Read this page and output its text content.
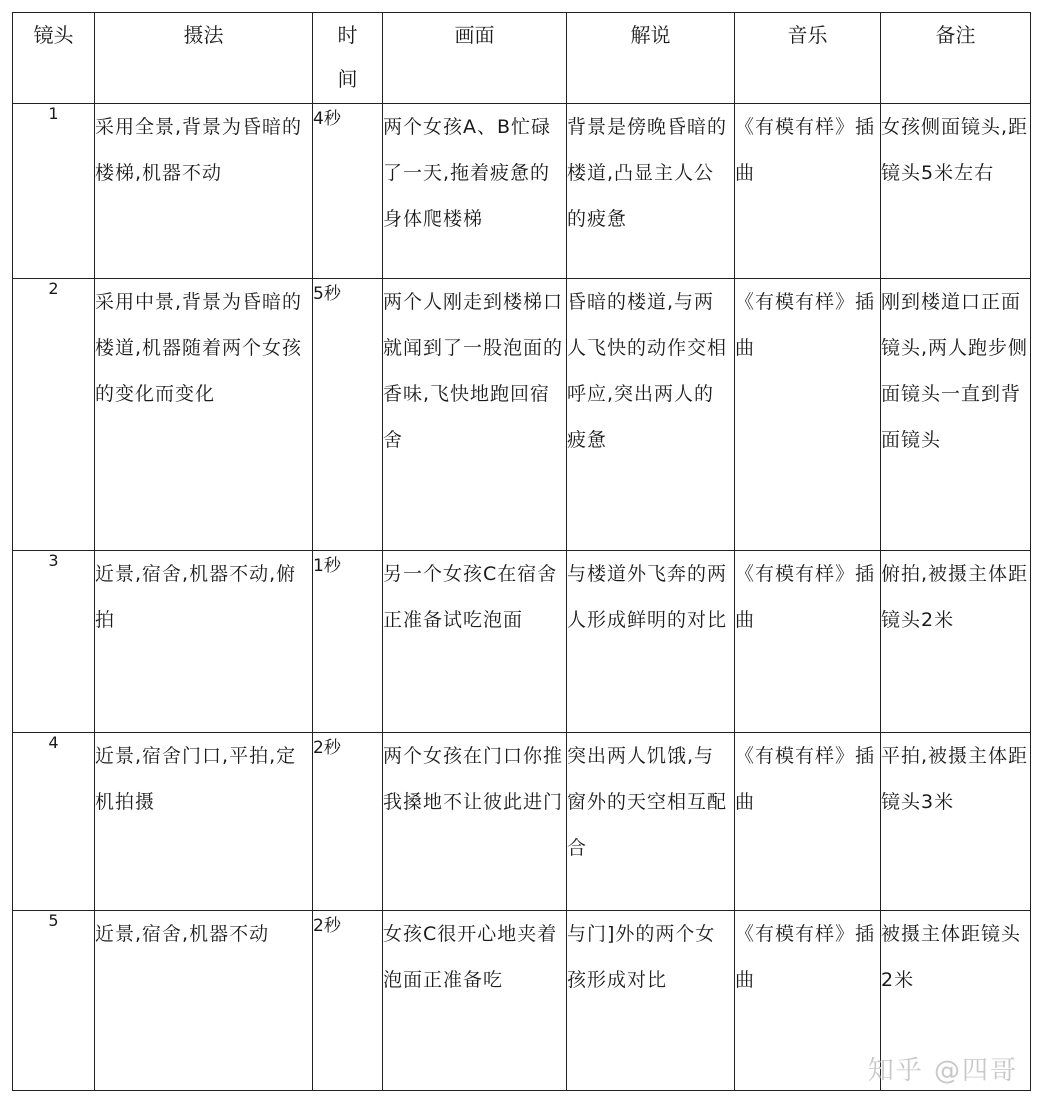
镜头	摄法	时间	画面	解说	音乐	备注
1	采用全景,背景为昏暗的楼梯,机器不动	4秒	两个女孩A、B忙碌了一天,拖着疲惫的身体爬楼梯	背景是傍晚昏暗的楼道,凸显主人公的疲惫	《有模有样》插曲	女孩侧面镜头,距镜头5米左右
2	采用中景,背景为昏暗的楼道,机器随着两个女孩的变化而变化	5秒	两个人刚走到楼梯口就闻到了一股泡面的香味,飞快地跑回宿舍	昏暗的楼道,与两人飞快的动作交相呼应,突出两人的疲惫	《有模有样》插曲	刚到楼道口正面镜头,两人跑步侧面镜头一直到背面镜头
3	近景,宿舍,机器不动,俯拍	1秒	另一个女孩C在宿舍正准备试吃泡面	与楼道外飞奔的两人形成鲜明的对比	《有模有样》插曲	俯拍,被摄主体距镜头2米
4	近景,宿舍门口,平拍,定机拍摄	2秒	两个女孩在门口你推我搡地不让彼此进门	突出两人饥饿,与窗外的天空相互配合	《有模有样》插曲	平拍,被摄主体距镜头3米
5	近景,宿舍,机器不动	2秒	女孩C很开心地夹着泡面正准备吃	与门]外的两个女孩形成对比	《有模有样》插曲	被摄主体距镜头2米
知乎 @四哥
